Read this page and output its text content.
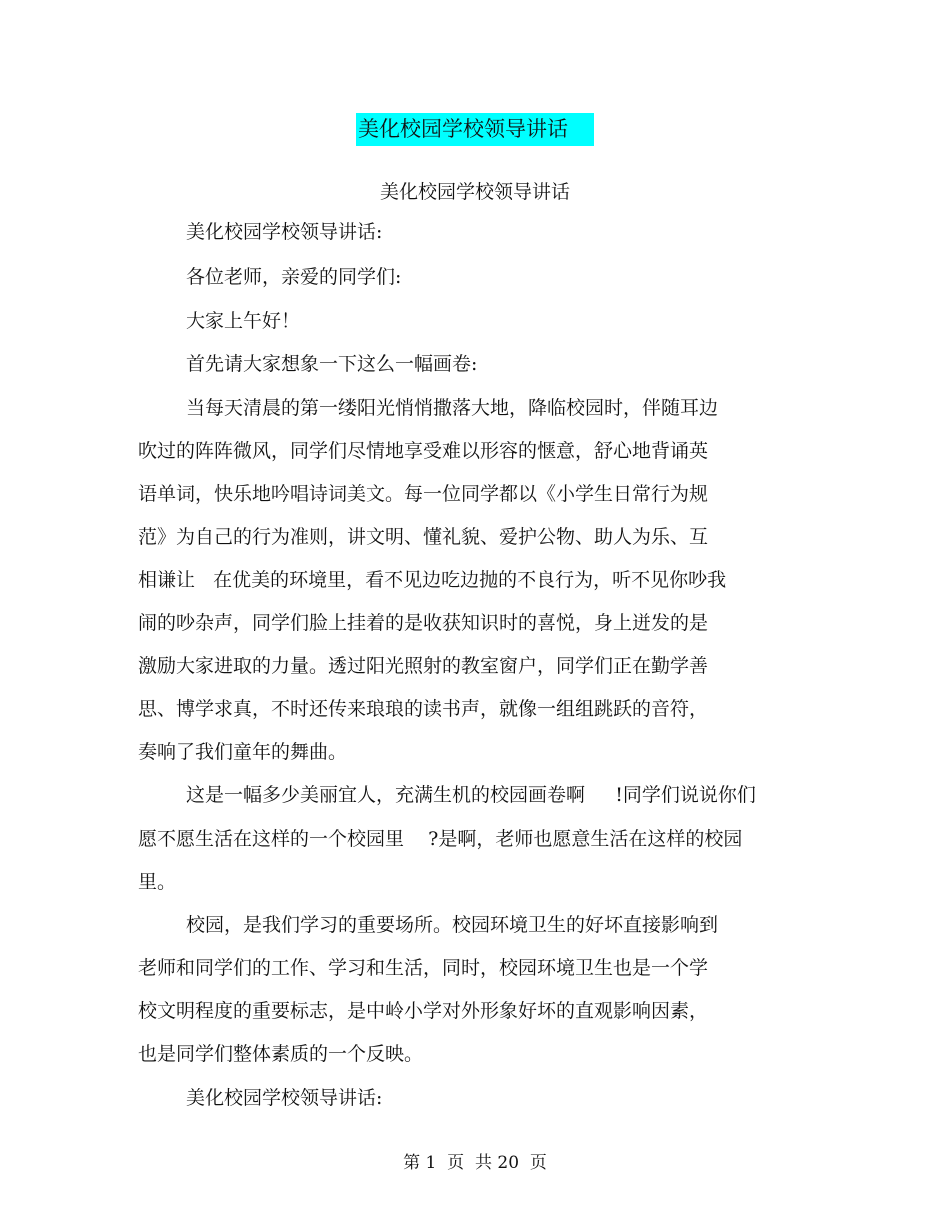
美化校园学校领导讲话
美化校园学校领导讲话
美化校园学校领导讲话:
各位老师，亲爱的同学们:
大家上午好！
首先请大家想象一下这么一幅画卷:
当每天清晨的第一缕阳光悄悄撒落大地，降临校园时，伴随耳边
吹过的阵阵微风，同学们尽情地享受难以形容的惬意，舒心地背诵英
语单词，快乐地吟唱诗词美文。每一位同学都以《小学生日常行为规
范》为自己的行为准则，讲文明、懂礼貌、爱护公物、助人为乐、互
相谦让   在优美的环境里，看不见边吃边抛的不良行为，听不见你吵我
闹的吵杂声，同学们脸上挂着的是收获知识时的喜悦，身上迸发的是
激励大家进取的力量。透过阳光照射的教室窗户，同学们正在勤学善
思、博学求真，不时还传来琅琅的读书声，就像一组组跳跃的音符，
奏响了我们童年的舞曲。
这是一幅多少美丽宜人，充满生机的校园画卷啊     !同学们说说你们
愿不愿生活在这样的一个校园里    ?是啊，老师也愿意生活在这样的校园
里。
校园，是我们学习的重要场所。校园环境卫生的好坏直接影响到
老师和同学们的工作、学习和生活，同时，校园环境卫生也是一个学
校文明程度的重要标志，是中岭小学对外形象好坏的直观影响因素，
也是同学们整体素质的一个反映。
美化校园学校领导讲话:
第 1  页  共 20  页
